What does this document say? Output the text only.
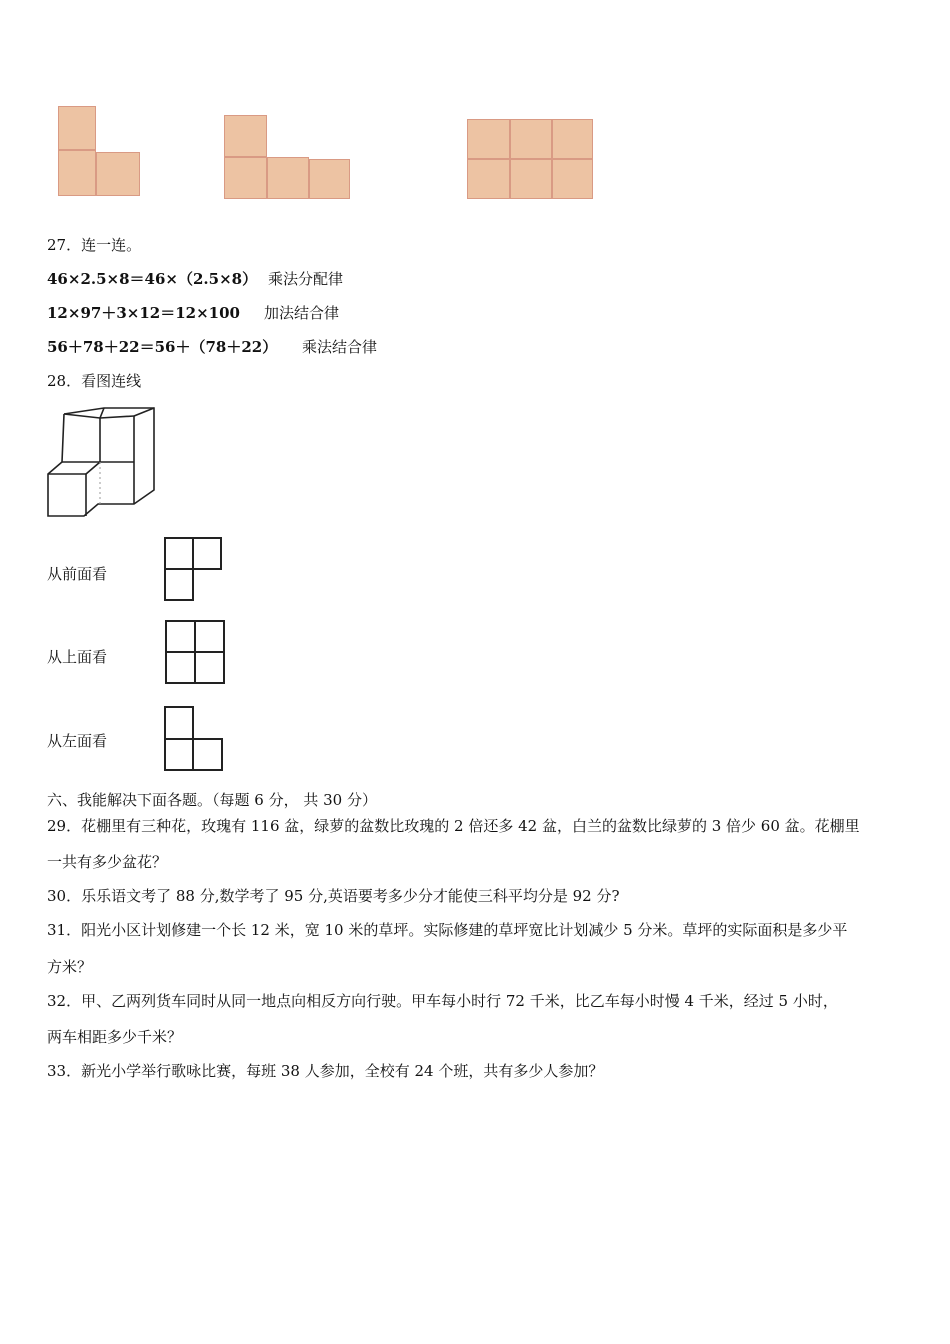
27．连一连。
46×2.5×8＝46×（2.5×8） 乘法分配律
12×97＋3×12＝12×100 加法结合律
56＋78＋22＝56＋（78＋22） 乘法结合律
28．看图连线
从前面看
从上面看
从左面看
六、我能解决下面各题。（每题 6 分， 共 30 分）
29．花棚里有三种花，玫瑰有 116 盆，绿萝的盆数比玫瑰的 2 倍还多 42 盆，白兰的盆数比绿萝的 3 倍少 60 盆。花棚里
一共有多少盆花？
30．乐乐语文考了 88 分,数学考了 95 分,英语要考多少分才能使三科平均分是 92 分?
31．阳光小区计划修建一个长 12 米，宽 10 米的草坪。实际修建的草坪宽比计划减少 5 分米。草坪的实际面积是多少平
方米？
32．甲、乙两列货车同时从同一地点向相反方向行驶。甲车每小时行 72 千米，比乙车每小时慢 4 千米，经过 5 小时，
两车相距多少千米？
33．新光小学举行歌咏比赛，每班 38 人参加，全校有 24 个班，共有多少人参加？
